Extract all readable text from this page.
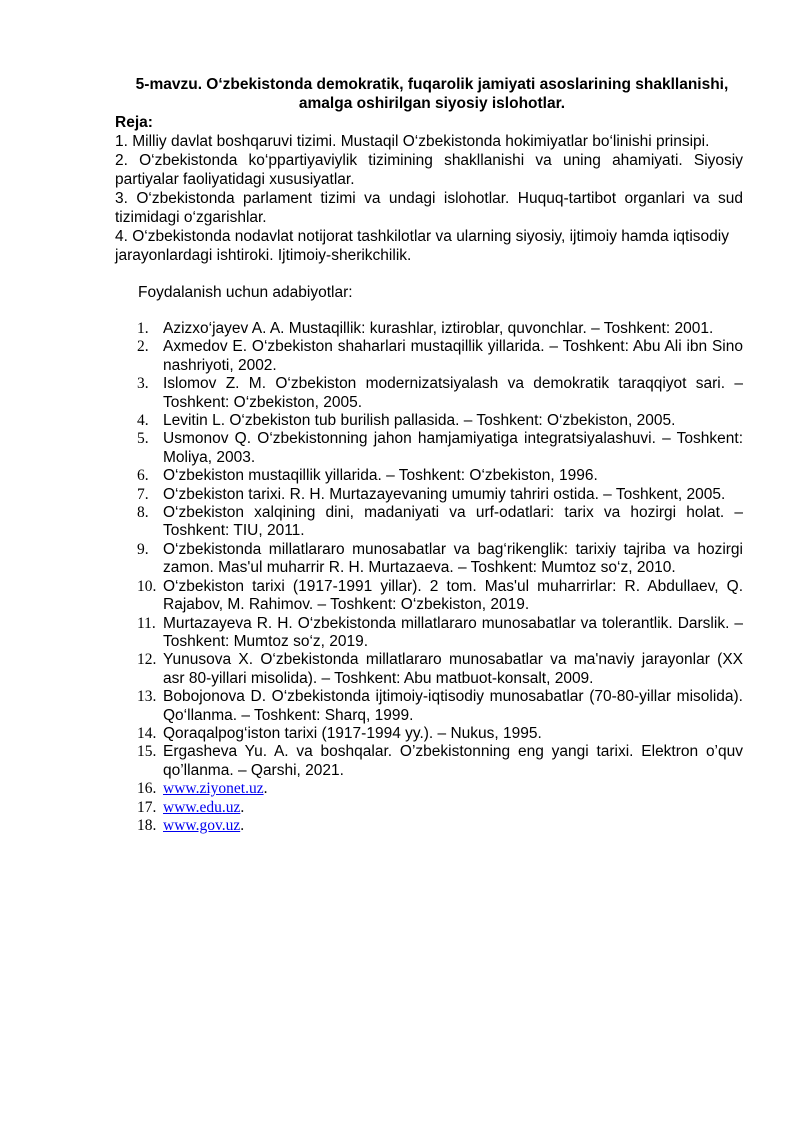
5-mavzu. O‘zbekistonda demokratik, fuqarolik jamiyati asoslarining shakllanishi,
amalga oshirilgan siyosiy islohotlar.
Reja:

1. Milliy davlat boshqaruvi tizimi. Mustaqil O‘zbekistonda hokimiyatlar bo‘linishi prinsipi.

2. O‘zbekistonda ko‘ppartiyaviylik tizimining shakllanishi va uning ahamiyati. Siyosiy partiyalar faoliyatidagi xususiyatlar.

3. O‘zbekistonda parlament tizimi va undagi islohotlar. Huquq-tartibot organlari va sud tizimidagi o‘zgarishlar.

4. O‘zbekistonda nodavlat notijorat tashkilotlar va ularning siyosiy, ijtimoiy hamda iqtisodiy jarayonlardagi ishtiroki. Ijtimoiy-sherikchilik.

Foydalanish uchun adabiyotlar:
1. Azizxo‘jayev A. A. Mustaqillik: kurashlar, iztiroblar, quvonchlar. – Toshkent: 2001.
2. Axmedov E. O‘zbekiston shaharlari mustaqillik yillarida. – Toshkent: Abu Ali ibn Sino nashriyoti, 2002.
3. Islomov Z. M. O‘zbekiston modernizatsiyalash va demokratik taraqqiyot sari. – Toshkent: O‘zbekiston, 2005.
4. Levitin L. O‘zbekiston tub burilish pallasida. – Toshkent: O‘zbekiston, 2005.
5. Usmonov Q. O‘zbekistonning jahon hamjamiyatiga integratsiyalashuvi. – Toshkent: Moliya, 2003.
6. O‘zbekiston mustaqillik yillarida. – Toshkent: O‘zbekiston, 1996.
7. O‘zbekiston tarixi. R. H. Murtazayevaning umumiy tahriri ostida. – Toshkent, 2005.
8. O‘zbekiston xalqining dini, madaniyati va urf-odatlari: tarix va hozirgi holat. – Toshkent: TIU, 2011.
9. O‘zbekistonda millatlararo munosabatlar va bag‘rikenglik: tarixiy tajriba va hozirgi zamon. Mas'ul muharrir R. H. Murtazaeva. – Toshkent: Mumtoz so‘z, 2010.
10. O‘zbekiston tarixi (1917-1991 yillar). 2 tom. Mas'ul muharrirlar: R. Abdullaev, Q. Rajabov, M. Rahimov. – Toshkent: O‘zbekiston, 2019.
11. Murtazayeva R. H. O‘zbekistonda millatlararo munosabatlar va tolerantlik. Darslik. – Toshkent: Mumtoz so‘z, 2019.
12. Yunusova X. O‘zbekistonda millatlararo munosabatlar va ma'naviy jarayonlar (XX asr 80-yillari misolida). – Toshkent: Abu matbuot-konsalt, 2009.
13. Bobojonova D. O‘zbekistonda ijtimoiy-iqtisodiy munosabatlar (70-80-yillar misolida). Qo‘llanma. – Toshkent: Sharq, 1999.
14. Qoraqalpog‘iston tarixi (1917-1994 yy.). – Nukus, 1995.
15. Ergasheva Yu. A. va boshqalar. O’zbekistonning eng yangi tarixi. Elektron o’quv qo’llanma. – Qarshi, 2021.
16. www.ziyonet.uz.
17. www.edu.uz.
18. www.gov.uz.
